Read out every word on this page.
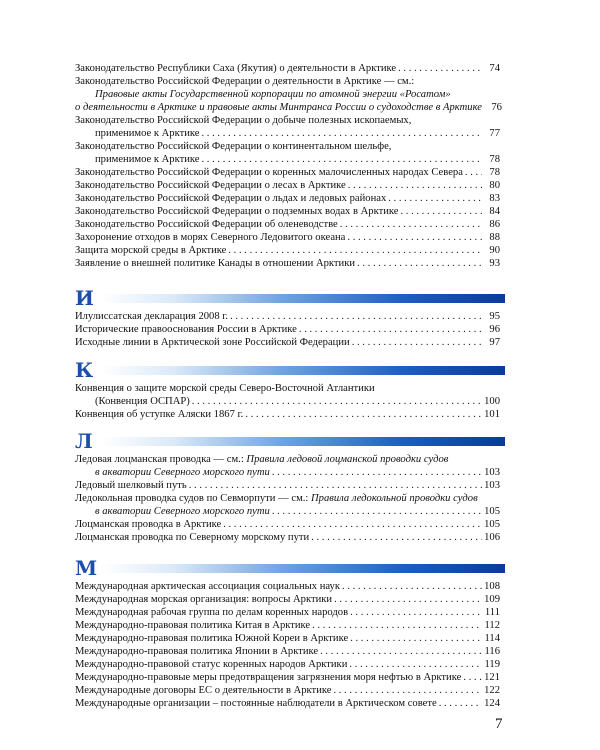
Законодательство Республики Саха (Якутия) о деятельности в Арктике . . .	74
Законодательство Российской Федерации о деятельности в Арктике — см.:
Правовые акты Государственной корпорации по атомной энергии «Росатом»
о деятельности в Арктике и правовые акты Минтранса России о судоходстве в Арктике 76
Законодательство Российской Федерации о добыче полезных ископаемых,
применимое к Арктике . . .	77
Законодательство Российской Федерации о континентальном шельфе,
применимое к Арктике . . .	78
Законодательство Российской Федерации о коренных малочисленных народах Севера . . .	78
Законодательство Российской Федерации о лесах в Арктике . . .	80
Законодательство Российской Федерации о льдах и ледовых районах . . .	83
Законодательство Российской Федерации о подземных водах в Арктике . . .	84
Законодательство Российской Федерации об оленеводстве . . .	86
Захоронение отходов в морях Северного Ледовитого океана . . .	88
Защита морской среды в Арктике . . .	90
Заявление о внешней политике Канады в отношении Арктики . . .	93
И
Илулиссатская декларация 2008 г. . . .	95
Исторические правооснования России в Арктике . . .	96
Исходные линии в Арктической зоне Российской Федерации . . .	97
К
Конвенция о защите морской среды Северо-Восточной Атлантики
(Конвенция ОСПАР) . . .	100
Конвенция об уступке Аляски 1867 г. . . .	101
Л
Ледовая лоцманская проводка — см.: Правила ледовой лоцманской проводки судов
в акватории Северного морского пути . . .	103
Ледовый шелковый путь . . .	103
Ледокольная проводка судов по Севморпути — см.: Правила ледокольной проводки судов
в акватории Северного морского пути . . .	105
Лоцманская проводка в Арктике . . .	105
Лоцманская проводка по Северному морскому пути . . .	106
М
Международная арктическая ассоциация социальных наук . . .	108
Международная морская организация: вопросы Арктики . . .	109
Международная рабочая группа по делам коренных народов . . .	111
Международно-правовая политика Китая в Арктике . . .	112
Международно-правовая политика Южной Кореи в Арктике . . .	114
Международно-правовая политика Японии в Арктике . . .	116
Международно-правовой статус коренных народов Арктики . . .	119
Международно-правовые меры предотвращения загрязнения моря нефтью в Арктике . . . 121
Международные договоры ЕС о деятельности в Арктике . . .	122
Международные организации – постоянные наблюдатели в Арктическом совете . . .	124
7
